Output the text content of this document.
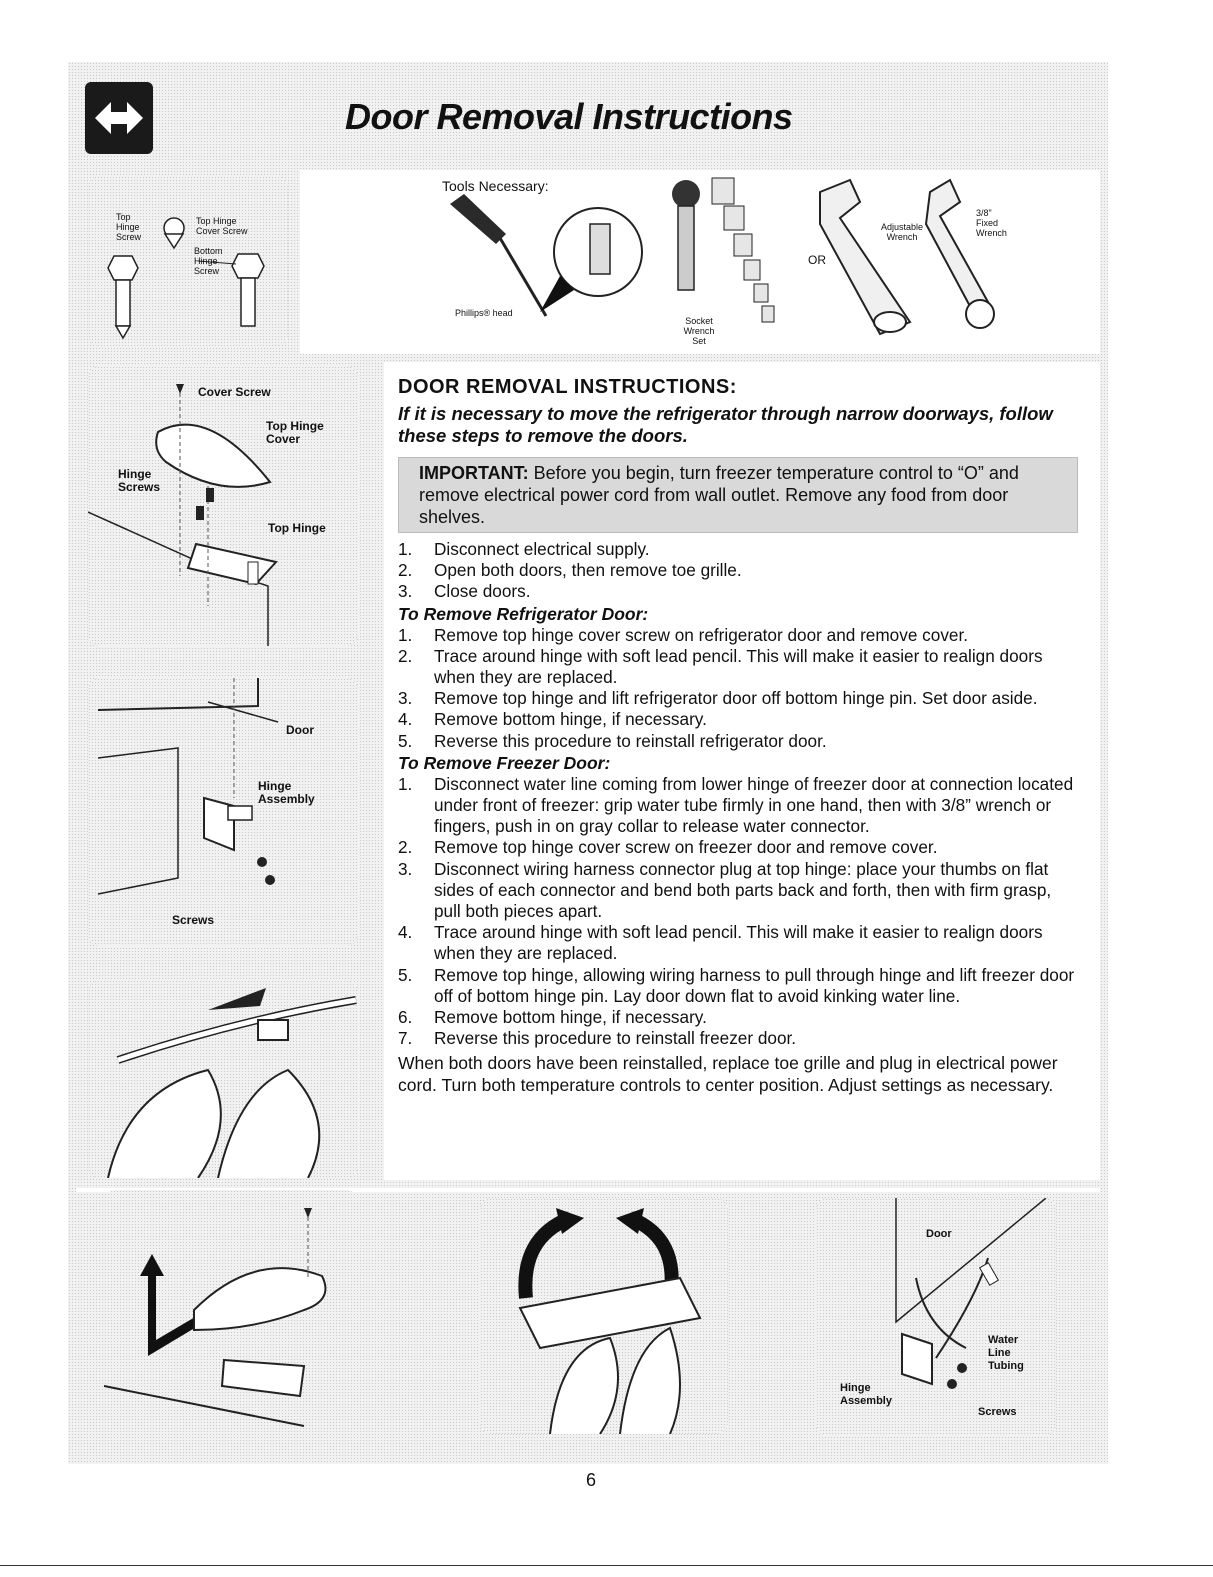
Door Removal Instructions
Top Hinge Screw
Top Hinge Cover Screw
Bottom Hinge Screw
Tools Necessary:
Phillips® head
Socket Wrench Set
OR
Adjustable Wrench
3/8" Fixed Wrench
Cover Screw
Top Hinge Cover
Hinge Screws
Top Hinge
Door
Hinge Assembly
Screws
Door
Water Line Tubing
Hinge Assembly
Screws
DOOR REMOVAL INSTRUCTIONS:
If it is necessary to move the refrigerator through narrow doorways, follow these steps to remove the doors.
IMPORTANT: Before you begin, turn freezer temperature control to “O” and remove electrical power cord from wall outlet. Remove any food from door shelves.
1. Disconnect electrical supply.
2. Open both doors, then remove toe grille.
3. Close doors.
To Remove Refrigerator Door:
1. Remove top hinge cover screw on refrigerator door and remove cover.
2. Trace around hinge with soft lead pencil. This will make it easier to realign doors when they are replaced.
3. Remove top hinge and lift refrigerator door off bottom hinge pin. Set door aside.
4. Remove bottom hinge, if necessary.
5. Reverse this procedure to reinstall refrigerator door.
To Remove Freezer Door:
1. Disconnect water line coming from lower hinge of freezer door at connection located under front of freezer: grip water tube firmly in one hand, then with 3/8” wrench or fingers, push in on gray collar to release water connector.
2. Remove top hinge cover screw on freezer door and remove cover.
3. Disconnect wiring harness connector plug at top hinge: place your thumbs on flat sides of each connector and bend both parts back and forth, then with firm grasp, pull both pieces apart.
4. Trace around hinge with soft lead pencil. This will make it easier to realign doors when they are replaced.
5. Remove top hinge, allowing wiring harness to pull through hinge and lift freezer door off of bottom hinge pin. Lay door down flat to avoid kinking water line.
6. Remove bottom hinge, if necessary.
7. Reverse this procedure to reinstall freezer door.
When both doors have been reinstalled, replace toe grille and plug in electrical power cord. Turn both temperature controls to center position. Adjust settings as necessary.
6
